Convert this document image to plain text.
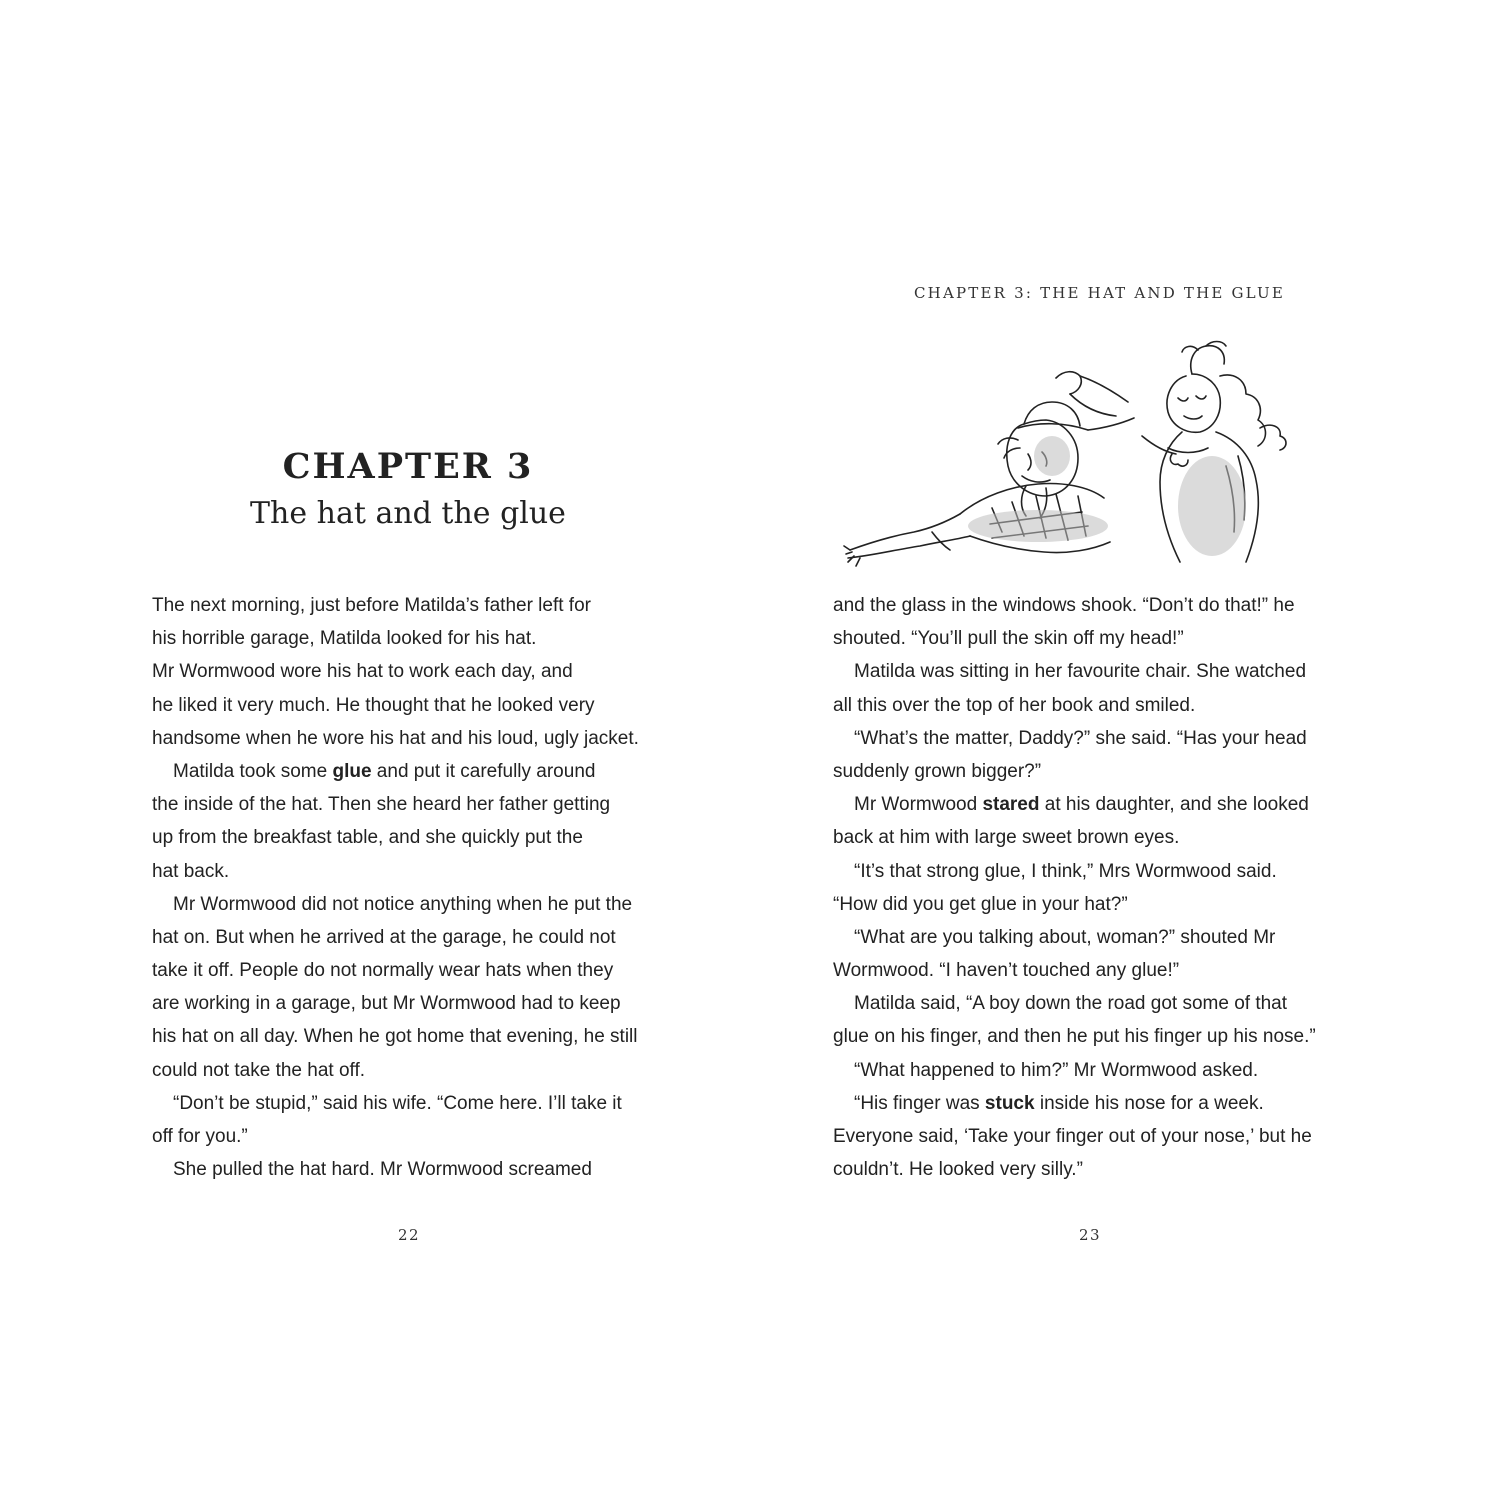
CHAPTER 3: THE HAT AND THE GLUE
CHAPTER 3
The hat and the glue
The next morning, just before Matilda’s father left for
his horrible garage, Matilda looked for his hat.
Mr Wormwood wore his hat to work each day, and
he liked it very much. He thought that he looked very
handsome when he wore his hat and his loud, ugly jacket.
Matilda took some glue and put it carefully around
the inside of the hat. Then she heard her father getting
up from the breakfast table, and she quickly put the
hat back.
Mr Wormwood did not notice anything when he put the
hat on. But when he arrived at the garage, he could not
take it off. People do not normally wear hats when they
are working in a garage, but Mr Wormwood had to keep
his hat on all day. When he got home that evening, he still
could not take the hat off.
“Don’t be stupid,” said his wife. “Come here. I’ll take it
off for you.”
She pulled the hat hard. Mr Wormwood screamed
and the glass in the windows shook. “Don’t do that!” he
shouted. “You’ll pull the skin off my head!”
Matilda was sitting in her favourite chair. She watched
all this over the top of her book and smiled.
“What’s the matter, Daddy?” she said. “Has your head
suddenly grown bigger?”
Mr Wormwood stared at his daughter, and she looked
back at him with large sweet brown eyes.
“It’s that strong glue, I think,” Mrs Wormwood said.
“How did you get glue in your hat?”
“What are you talking about, woman?” shouted Mr
Wormwood. “I haven’t touched any glue!”
Matilda said, “A boy down the road got some of that
glue on his finger, and then he put his finger up his nose.”
“What happened to him?” Mr Wormwood asked.
“His finger was stuck inside his nose for a week.
Everyone said, ‘Take your finger out of your nose,’ but he
couldn’t. He looked very silly.”
22	23
